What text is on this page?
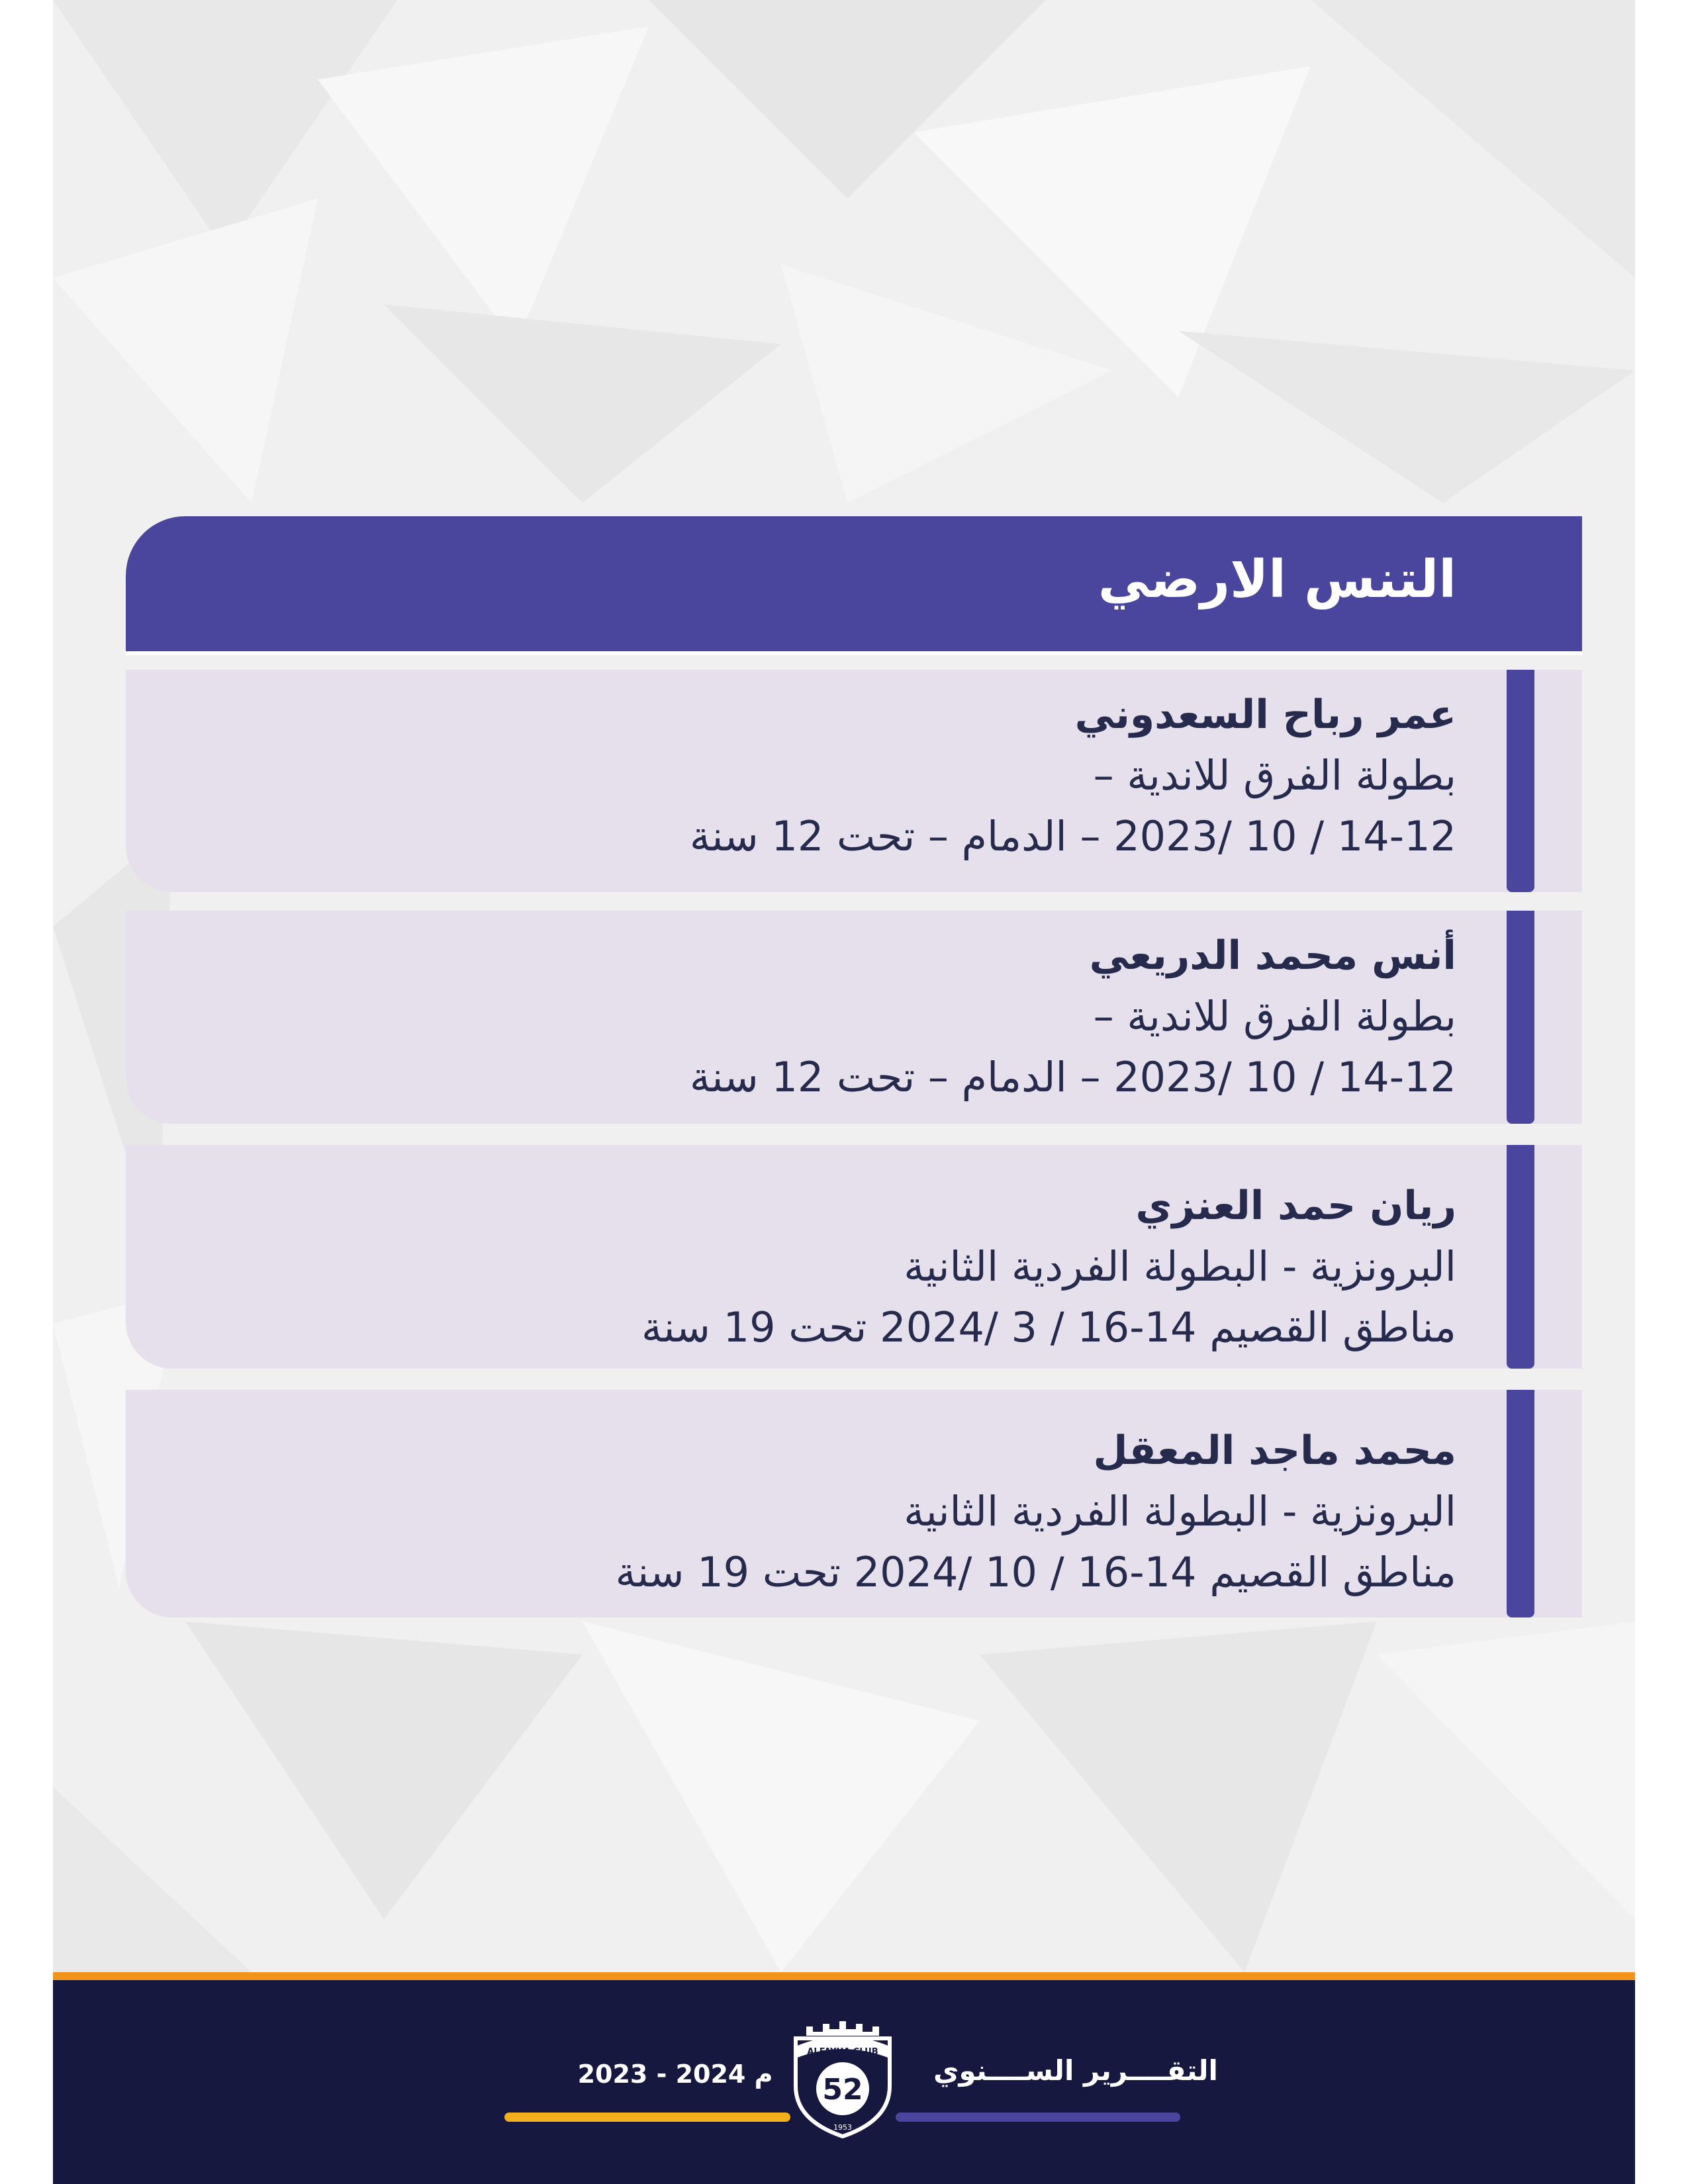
التنس الارضي
عمر رباح السعدوني
بطولة الفرق للاندية –
14-12 / 10 /2023 – الدمام – تحت 12 سنة
أنس محمد الدريعي
بطولة الفرق للاندية –
14-12 / 10 /2023 – الدمام – تحت 12 سنة
ريان حمد العنزي
البرونزية - البطولة الفردية الثانية
مناطق القصيم 14-16 / 3 /2024 تحت 19 سنة
محمد ماجد المعقل
البرونزية - البطولة الفردية الثانية
مناطق القصيم 14-16 / 10 /2024 تحت 19 سنة
التقــــرير الســــنوي
2023 - 2024 م
ALFAYHA CLUB
52
1953
